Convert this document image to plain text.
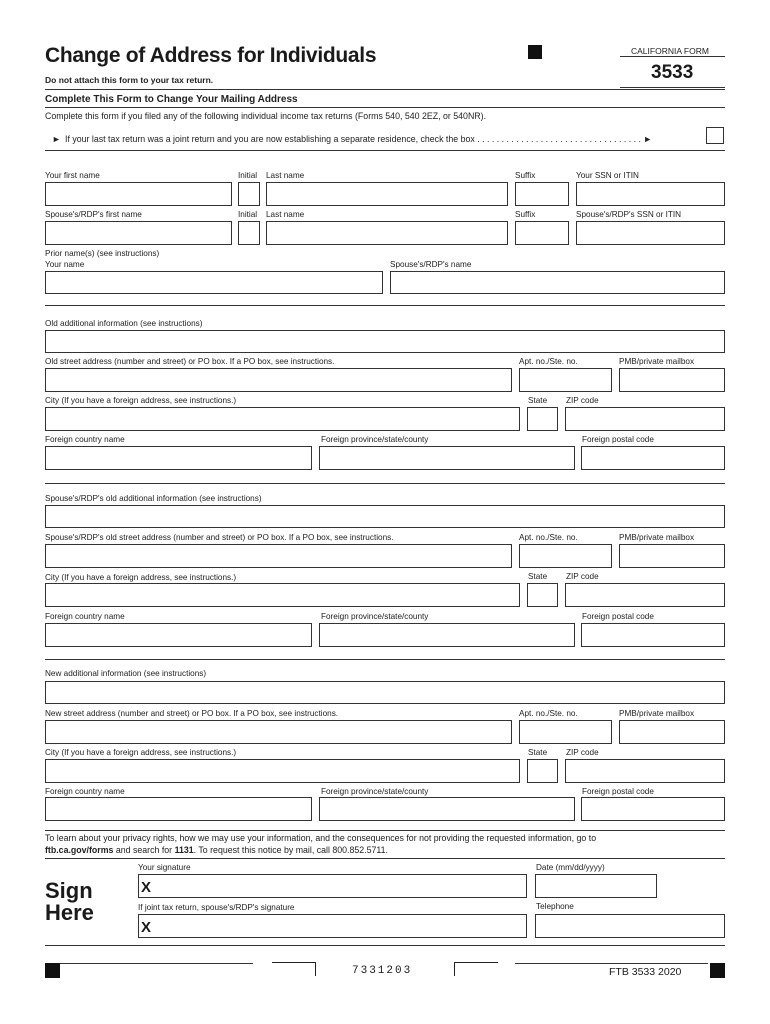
Change of Address for Individuals
Do not attach this form to your tax return.
CALIFORNIA FORM
3533
Complete This Form to Change Your Mailing Address
Complete this form if you filed any of the following individual income tax returns (Forms 540, 540 2EZ, or 540NR).
► If your last tax return was a joint return and you are now establishing a separate residence, check the box . . . . . . . . . . . . . . . . . . . . . . . . . . . . . . . . . . ►
Your first name	Initial Last name	Suffix	Your SSN or ITIN
Spouse's/RDP's first name	Initial Last name	Suffix	Spouse's/RDP's SSN or ITIN
Prior name(s) (see instructions)
Your name	Spouse's/RDP's name
Old additional information (see instructions)
Old street address (number and street) or PO box. If a PO box, see instructions.	Apt. no./Ste. no.	PMB/private mailbox
City (If you have a foreign address, see instructions.)	State ZIP code
Foreign country name	Foreign province/state/county	Foreign postal code
Spouse's/RDP's old additional information (see instructions)
Spouse's/RDP's old street address (number and street) or PO box. If a PO box, see instructions.	Apt. no./Ste. no.	PMB/private mailbox
City (If you have a foreign address, see instructions.)	State ZIP code
Foreign country name	Foreign province/state/county	Foreign postal code
New additional information (see instructions)
New street address (number and street) or PO box. If a PO box, see instructions.	Apt. no./Ste. no.	PMB/private mailbox
City (If you have a foreign address, see instructions.)	State ZIP code
Foreign country name	Foreign province/state/county	Foreign postal code
To learn about your privacy rights, how we may use your information, and the consequences for not providing the requested information, go to
ftb.ca.gov/forms and search for 1131. To request this notice by mail, call 800.852.5711.
Sign
Here
Your signature	Date (mm/dd/yyyy)
X
If joint tax return, spouse's/RDP's signature	Telephone
X
7331203	FTB 3533 2020
